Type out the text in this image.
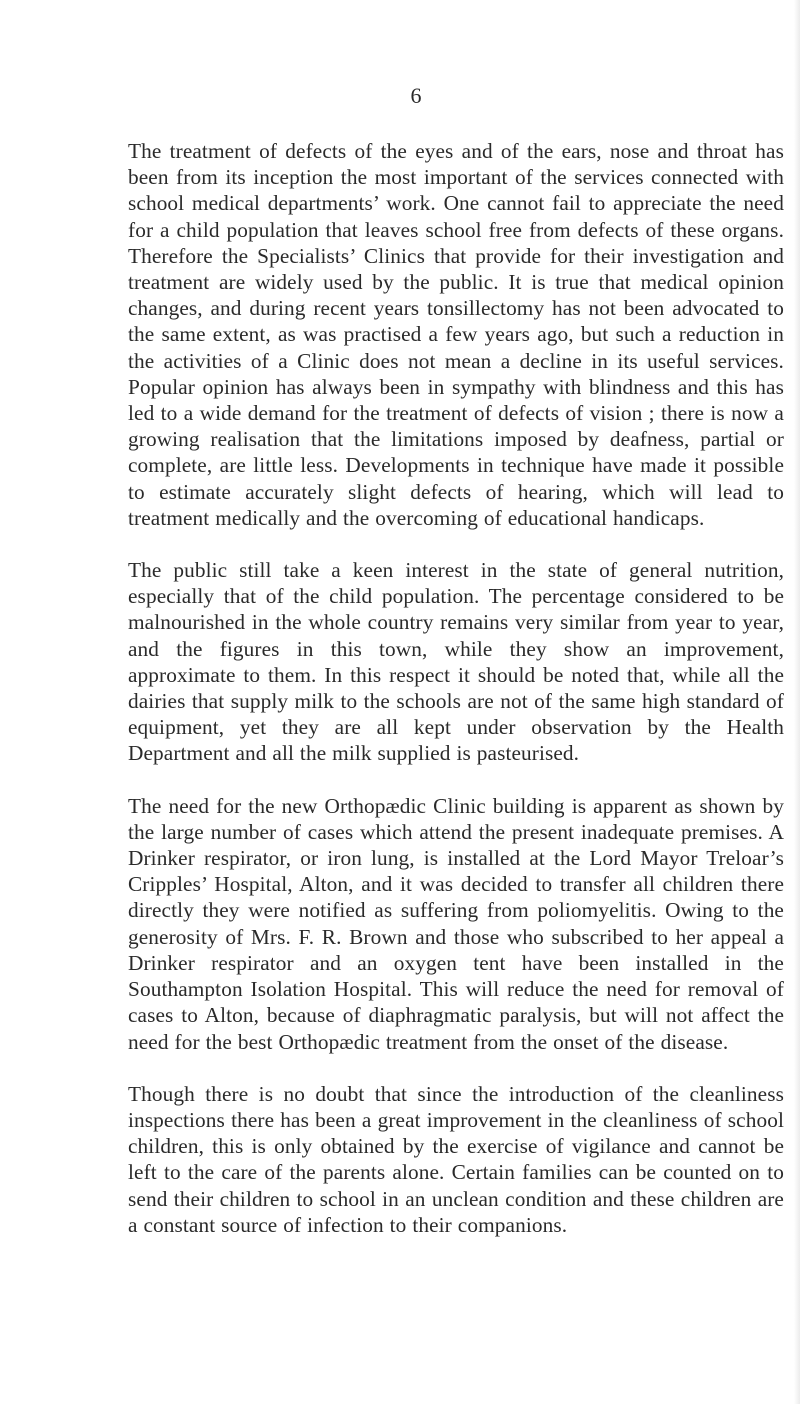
6

The treatment of defects of the eyes and of the ears, nose and throat has been from its inception the most important of the services connected with school medical departments’ work. One cannot fail to appreciate the need for a child population that leaves school free from defects of these organs. Therefore the Specialists’ Clinics that provide for their investigation and treatment are widely used by the public. It is true that medical opinion changes, and during recent years tonsillectomy has not been advocated to the same extent, as was practised a few years ago, but such a reduction in the activities of a Clinic does not mean a decline in its useful services. Popular opinion has always been in sympathy with blindness and this has led to a wide demand for the treatment of defects of vision ; there is now a growing realisation that the limitations imposed by deafness, partial or complete, are little less. Developments in technique have made it possible to estimate accurately slight defects of hearing, which will lead to treatment medically and the overcoming of educational handicaps.

The public still take a keen interest in the state of general nutrition, especially that of the child population. The percentage considered to be malnourished in the whole country remains very similar from year to year, and the figures in this town, while they show an improvement, approximate to them. In this respect it should be noted that, while all the dairies that supply milk to the schools are not of the same high standard of equipment, yet they are all kept under observation by the Health Department and all the milk supplied is pasteurised.

The need for the new Orthopædic Clinic building is apparent as shown by the large number of cases which attend the present inadequate premises. A Drinker respirator, or iron lung, is installed at the Lord Mayor Treloar’s Cripples’ Hospital, Alton, and it was decided to transfer all children there directly they were notified as suffering from poliomyelitis. Owing to the generosity of Mrs. F. R. Brown and those who subscribed to her appeal a Drinker respirator and an oxygen tent have been installed in the Southampton Isolation Hospital. This will reduce the need for removal of cases to Alton, because of diaphragmatic paralysis, but will not affect the need for the best Orthopædic treatment from the onset of the disease.

Though there is no doubt that since the introduction of the cleanliness inspections there has been a great improvement in the cleanliness of school children, this is only obtained by the exercise of vigilance and cannot be left to the care of the parents alone. Certain families can be counted on to send their children to school in an unclean condition and these children are a constant source of infection to their companions.
